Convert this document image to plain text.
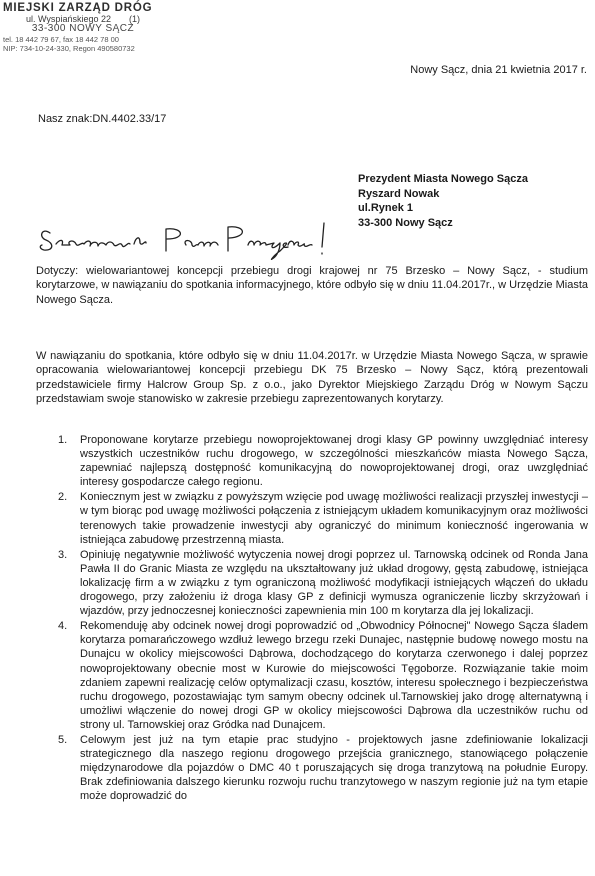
MIEJSKI ZARZĄD DRÓG
ul. Wyspiańskiego 22 (1)
33-300 NOWY SĄCZ
tel. 18 442 79 67, fax 18 442 78 00
NIP: 734-10-24-330, Regon 490580732
Nowy Sącz, dnia 21 kwietnia 2017 r.
Nasz znak:DN.4402.33/17
Prezydent Miasta Nowego Sącza
Ryszard Nowak
ul.Rynek 1
33-300 Nowy Sącz
Dotyczy: wielowariantowej koncepcji przebiegu drogi krajowej nr 75 Brzesko – Nowy Sącz, - studium korytarzowe, w nawiązaniu do spotkania informacyjnego, które odbyło się w dniu 11.04.2017r., w Urzędzie Miasta Nowego Sącza.
W nawiązaniu do spotkania, które odbyło się w dniu 11.04.2017r. w Urzędzie Miasta Nowego Sącza, w sprawie opracowania wielowariantowej koncepcji przebiegu DK 75 Brzesko – Nowy Sącz, którą prezentowali przedstawiciele firmy Halcrow Group Sp. z o.o., jako Dyrektor Miejskiego Zarządu Dróg w Nowym Sączu przedstawiam swoje stanowisko w zakresie przebiegu zaprezentowanych korytarzy.
1. Proponowane korytarze przebiegu nowoprojektowanej drogi klasy GP powinny uwzględniać interesy wszystkich uczestników ruchu drogowego, w szczególności mieszkańców miasta Nowego Sącza, zapewniać najlepszą dostępność komunikacyjną do nowoprojektowanej drogi, oraz uwzględniać interesy gospodarcze całego regionu.
2. Koniecznym jest w związku z powyższym wzięcie pod uwagę możliwości realizacji przyszłej inwestycji – w tym biorąc pod uwagę możliwości połączenia z istniejącym układem komunikacyjnym oraz możliwości terenowych takie prowadzenie inwestycji aby ograniczyć do minimum konieczność ingerowania w istniejąca zabudowę przestrzenną miasta.
3. Opiniuję negatywnie możliwość wytyczenia nowej drogi poprzez ul. Tarnowską odcinek od Ronda Jana Pawła II do Granic Miasta ze względu na ukształtowany już układ drogowy, gęstą zabudowę, istniejąca lokalizację firm a w związku z tym ograniczoną możliwość modyfikacji istniejących włączeń do układu drogowego, przy założeniu iż droga klasy GP z definicji wymusza ograniczenie liczby skrzyżowań i wjazdów, przy jednoczesnej konieczności zapewnienia min 100 m korytarza dla jej lokalizacji.
4. Rekomenduję aby odcinek nowej drogi poprowadzić od „Obwodnicy Północnej" Nowego Sącza śladem korytarza pomarańczowego wzdłuż lewego brzegu rzeki Dunajec, następnie budowę nowego mostu na Dunajcu w okolicy miejscowości Dąbrowa, dochodzącego do korytarza czerwonego i dalej poprzez nowoprojektowany obecnie most w Kurowie do miejscowości Tęgoborze. Rozwiązanie takie moim zdaniem zapewni realizację celów optymalizacji czasu, kosztów, interesu społecznego i bezpieczeństwa ruchu drogowego, pozostawiając tym samym obecny odcinek ul.Tarnowskiej jako drogę alternatywną i umożliwi włączenie do nowej drogi GP w okolicy miejscowości Dąbrowa dla uczestników ruchu od strony ul. Tarnowskiej oraz Gródka nad Dunajcem.
5. Celowym jest już na tym etapie prac studyjno - projektowych jasne zdefiniowanie lokalizacji strategicznego dla naszego regionu drogowego przejścia granicznego, stanowiącego połączenie międzynarodowe dla pojazdów o DMC 40 t poruszających się droga tranzytową na południe Europy. Brak zdefiniowania dalszego kierunku rozwoju ruchu tranzytowego w naszym regionie już na tym etapie może doprowadzić do
